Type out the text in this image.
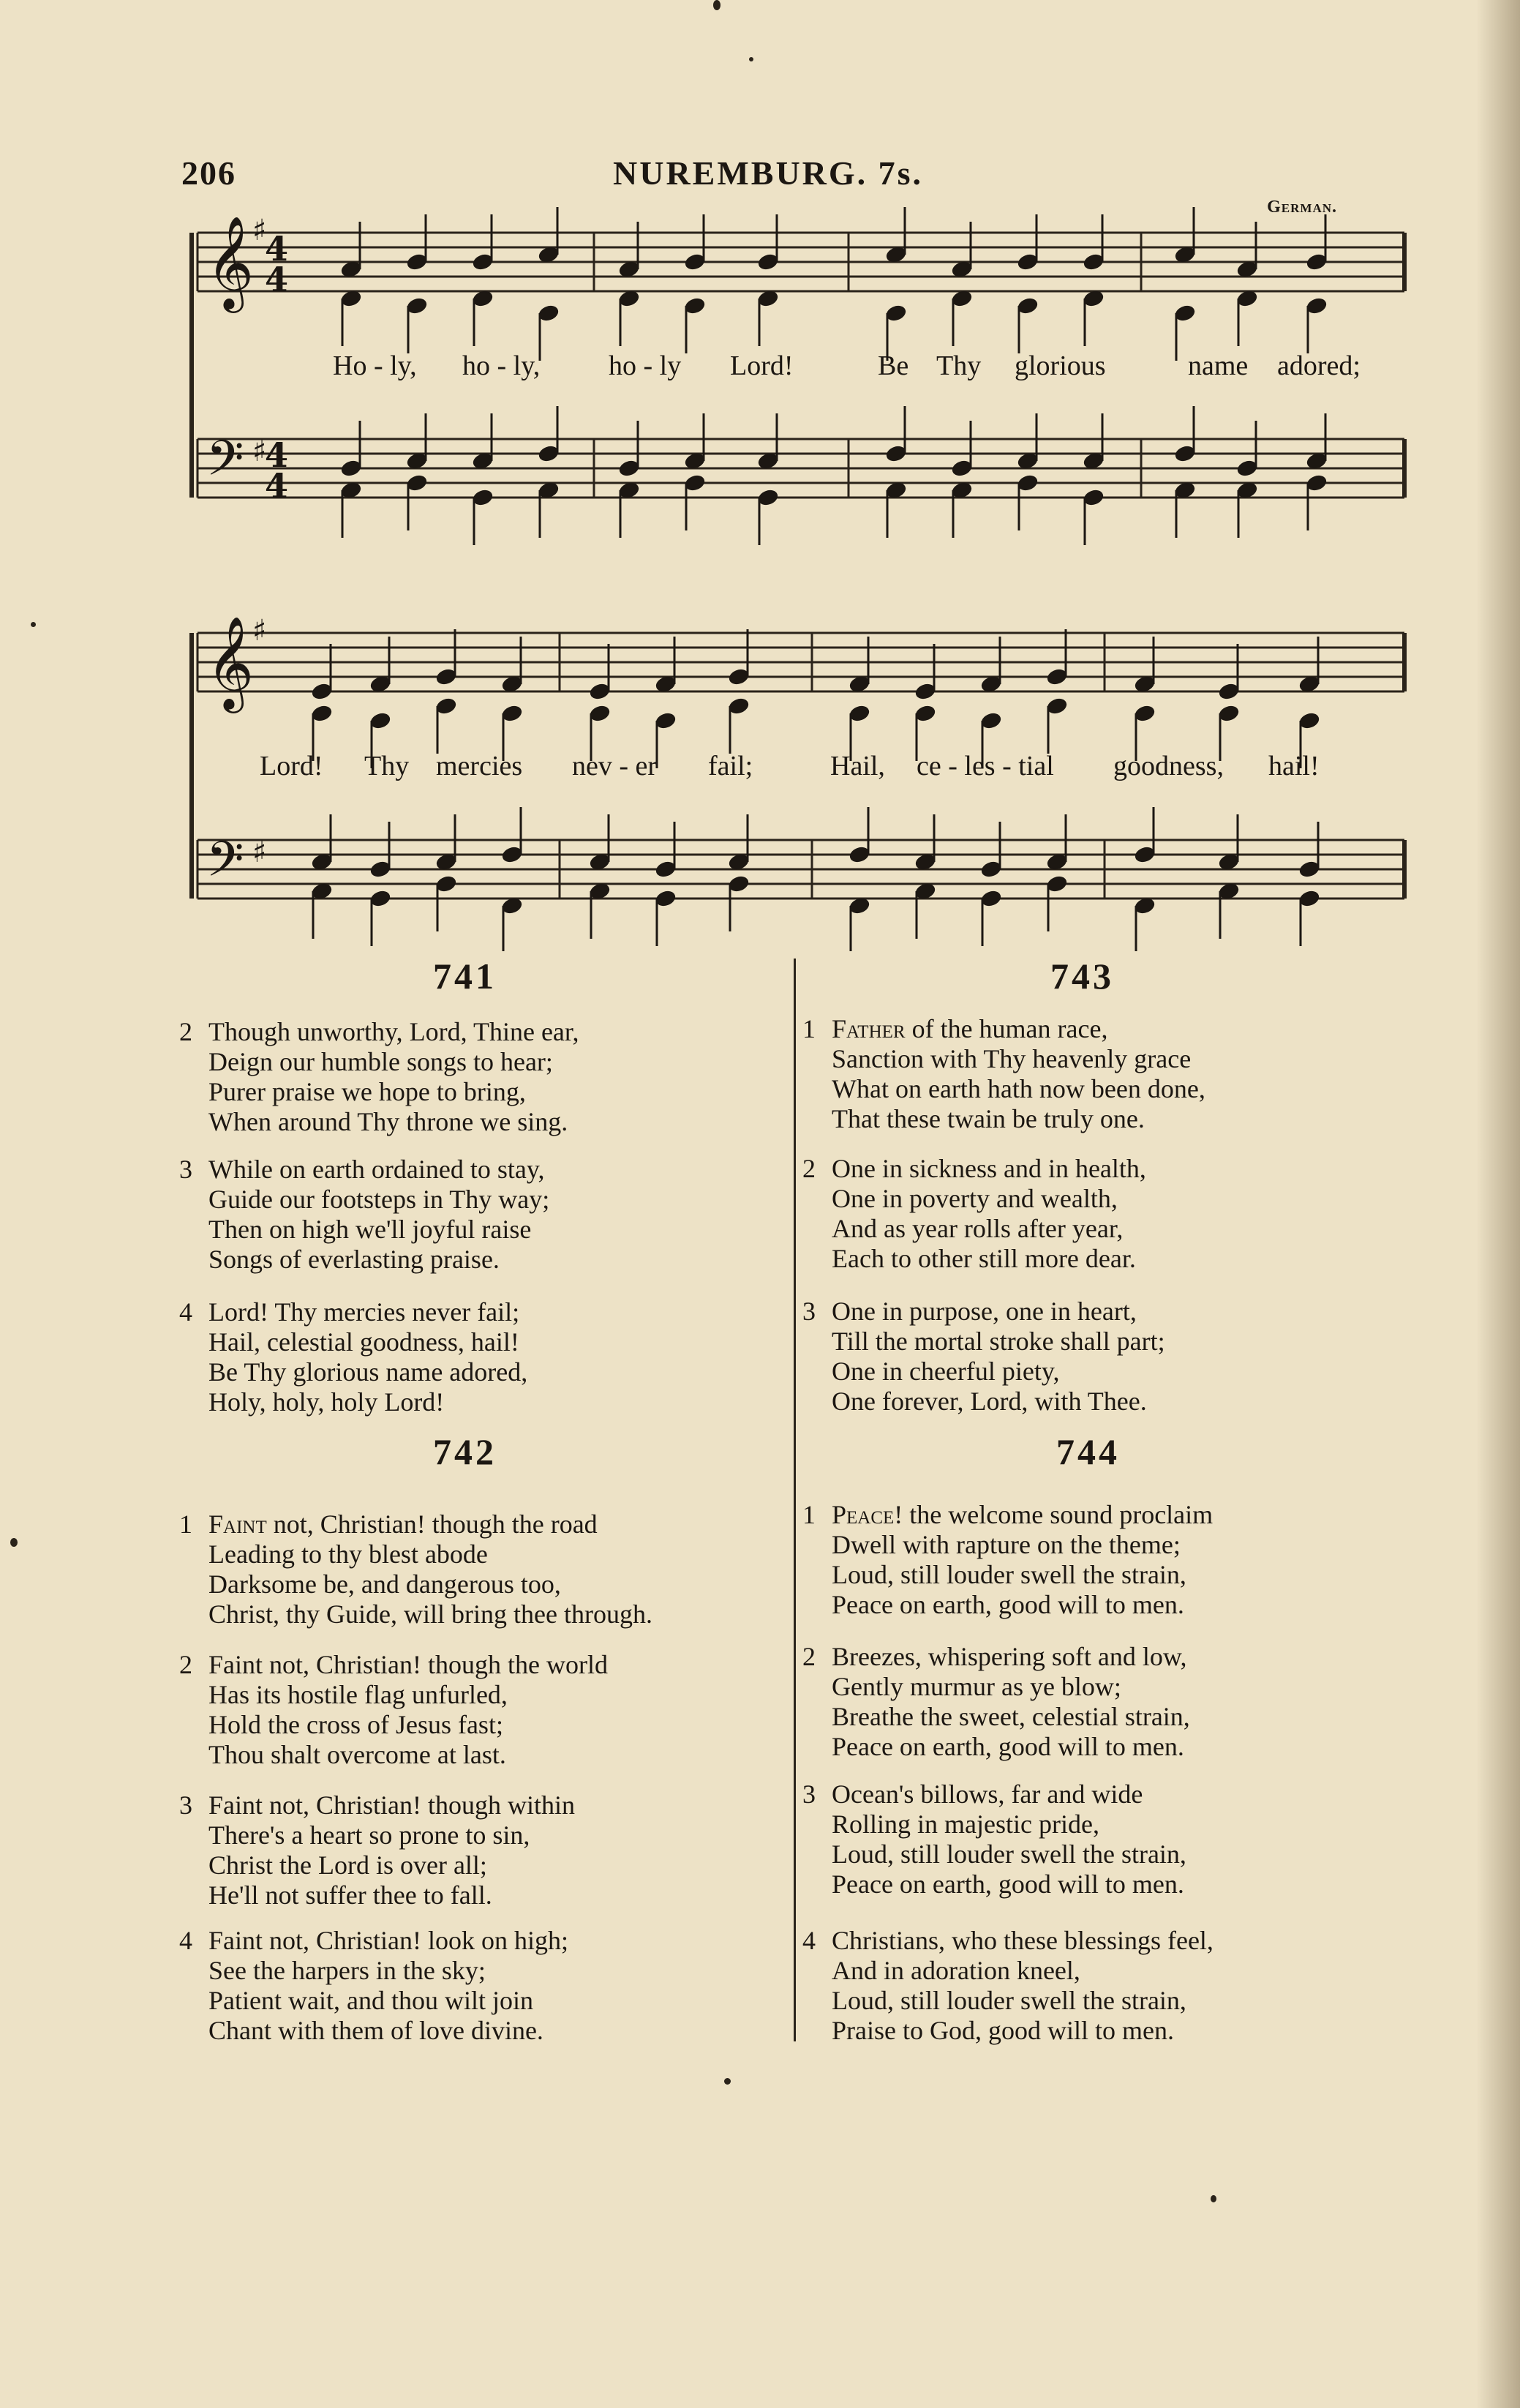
206	NUREMBURG. 7s.
German.
𝄞
♯
4
4
𝄢 ♯
4
4
𝄞
♯
𝄢 ♯
Ho - ly, ho - ly, ho - ly Lord!	Be Thy glorious	name adored;
Lord! Thy mercies nev - er fail;	Hail, ce - les - tial goodness, hail!
741
2 Though unworthy, Lord, Thine ear,
Deign our humble songs to hear;
Purer praise we hope to bring,
When around Thy throne we sing.
3 While on earth ordained to stay,
Guide our footsteps in Thy way;
Then on high we'll joyful raise
Songs of everlasting praise.
4 Lord! Thy mercies never fail;
Hail, celestial goodness, hail!
Be Thy glorious name adored,
Holy, holy, holy Lord!
742
1 Faint not, Christian! though the road
Leading to thy blest abode
Darksome be, and dangerous too,
Christ, thy Guide, will bring thee through.
2 Faint not, Christian! though the world
Has its hostile flag unfurled,
Hold the cross of Jesus fast;
Thou shalt overcome at last.
3 Faint not, Christian! though within
There's a heart so prone to sin,
Christ the Lord is over all;
He'll not suffer thee to fall.
4 Faint not, Christian! look on high;
See the harpers in the sky;
Patient wait, and thou wilt join
Chant with them of love divine.
743
1 Father of the human race,
Sanction with Thy heavenly grace
What on earth hath now been done,
That these twain be truly one.
2 One in sickness and in health,
One in poverty and wealth,
And as year rolls after year,
Each to other still more dear.
3 One in purpose, one in heart,
Till the mortal stroke shall part;
One in cheerful piety,
One forever, Lord, with Thee.
744
1 Peace! the welcome sound proclaim
Dwell with rapture on the theme;
Loud, still louder swell the strain,
Peace on earth, good will to men.
2 Breezes, whispering soft and low,
Gently murmur as ye blow;
Breathe the sweet, celestial strain,
Peace on earth, good will to men.
3 Ocean's billows, far and wide
Rolling in majestic pride,
Loud, still louder swell the strain,
Peace on earth, good will to men.
4 Christians, who these blessings feel,
And in adoration kneel,
Loud, still louder swell the strain,
Praise to God, good will to men.
